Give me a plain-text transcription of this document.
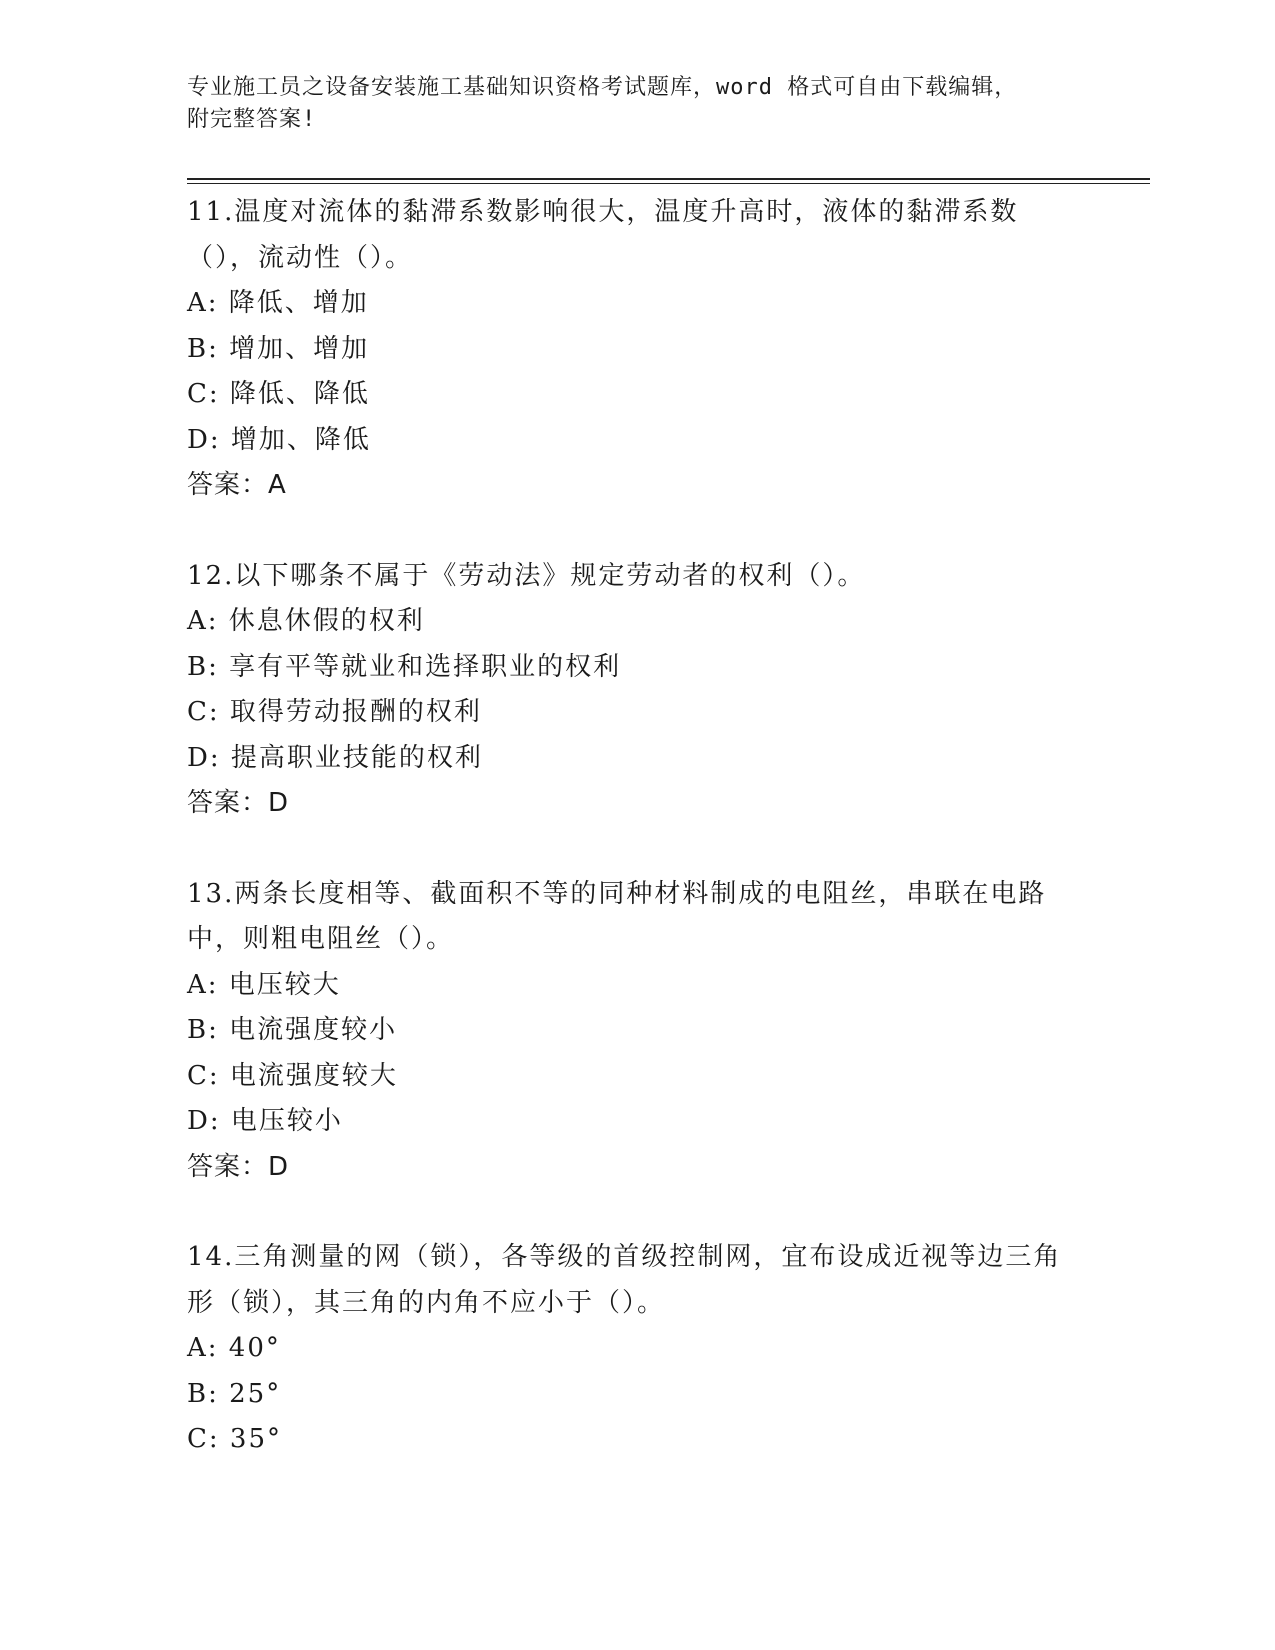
专业施工员之设备安装施工基础知识资格考试题库，word 格式可自由下载编辑，
附完整答案!

11.温度对流体的黏滞系数影响很大，温度升高时，液体的黏滞系数（），流动性（）。

A: 降低、增加

B: 增加、增加

C: 降低、降低

D: 增加、降低

答案：A

12.以下哪条不属于《劳动法》规定劳动者的权利（）。

A: 休息休假的权利

B: 享有平等就业和选择职业的权利

C: 取得劳动报酬的权利

D: 提高职业技能的权利

答案：D

13.两条长度相等、截面积不等的同种材料制成的电阻丝，串联在电路中，则粗电阻丝（）。

A: 电压较大

B: 电流强度较小

C: 电流强度较大

D: 电压较小

答案：D

14.三角测量的网（锁），各等级的首级控制网，宜布设成近视等边三角形（锁），其三角的内角不应小于（）。

A: 40°

B: 25°

C: 35°
